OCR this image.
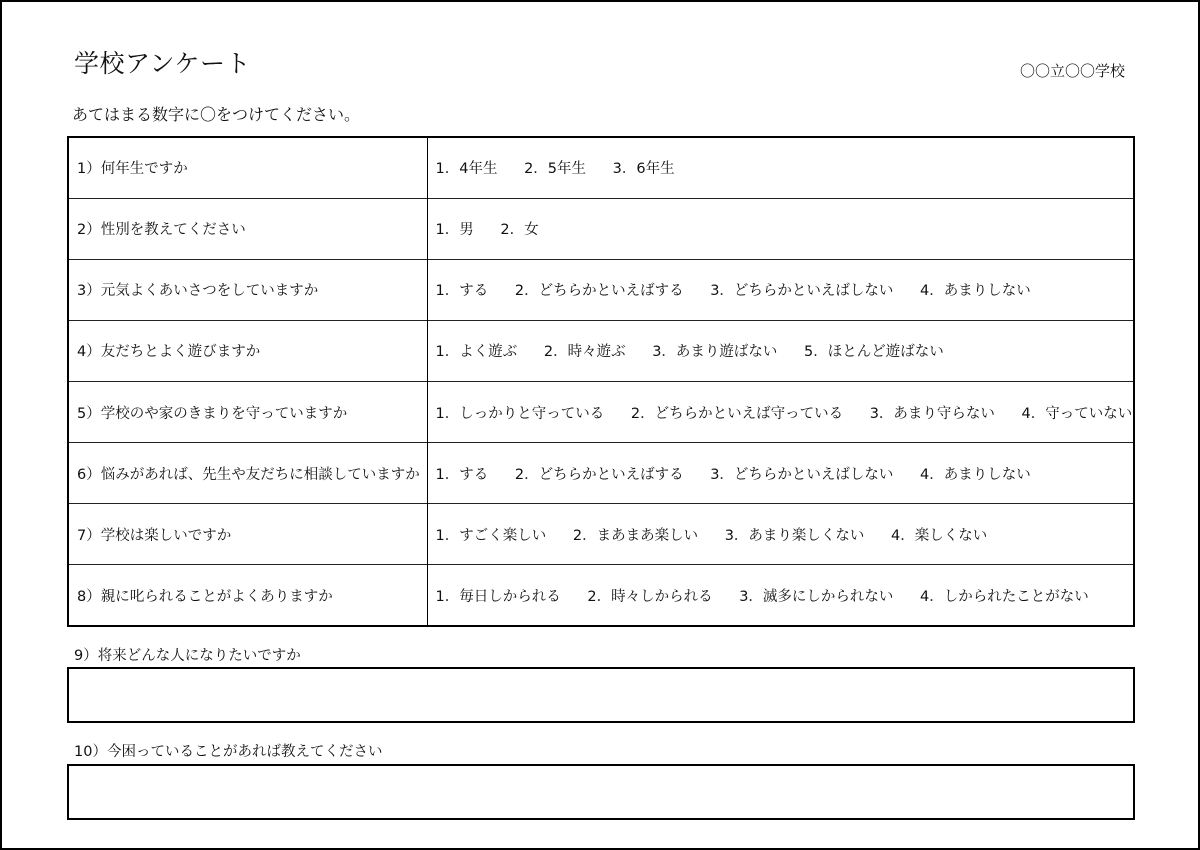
学校アンケート	〇〇立〇〇学校
あてはまる数字に〇をつけてください。
1）何年生ですか	1．4年生 2．5年生 3．6年生
2）性別を教えてください	1．男 2．女
3）元気よくあいさつをしていますか	1．する 2．どちらかといえばする 3．どちらかといえばしない 4．あまりしない
4）友だちとよく遊びますか	1．よく遊ぶ 2．時々遊ぶ 3．あまり遊ばない 5．ほとんど遊ばない
5）学校のや家のきまりを守っていますか	1．しっかりと守っている 2．どちらかといえば守っている 3．あまり守らない 4．守っていない
6）悩みがあれば、先生や友だちに相談していますか	1．する 2．どちらかといえばする 3．どちらかといえばしない 4．あまりしない
7）学校は楽しいですか	1．すごく楽しい 2．まあまあ楽しい 3．あまり楽しくない 4．楽しくない
8）親に叱られることがよくありますか	1．毎日しかられる 2．時々しかられる 3．滅多にしかられない 4．しかられたことがない
9）将来どんな人になりたいですか
10）今困っていることがあれば教えてください
